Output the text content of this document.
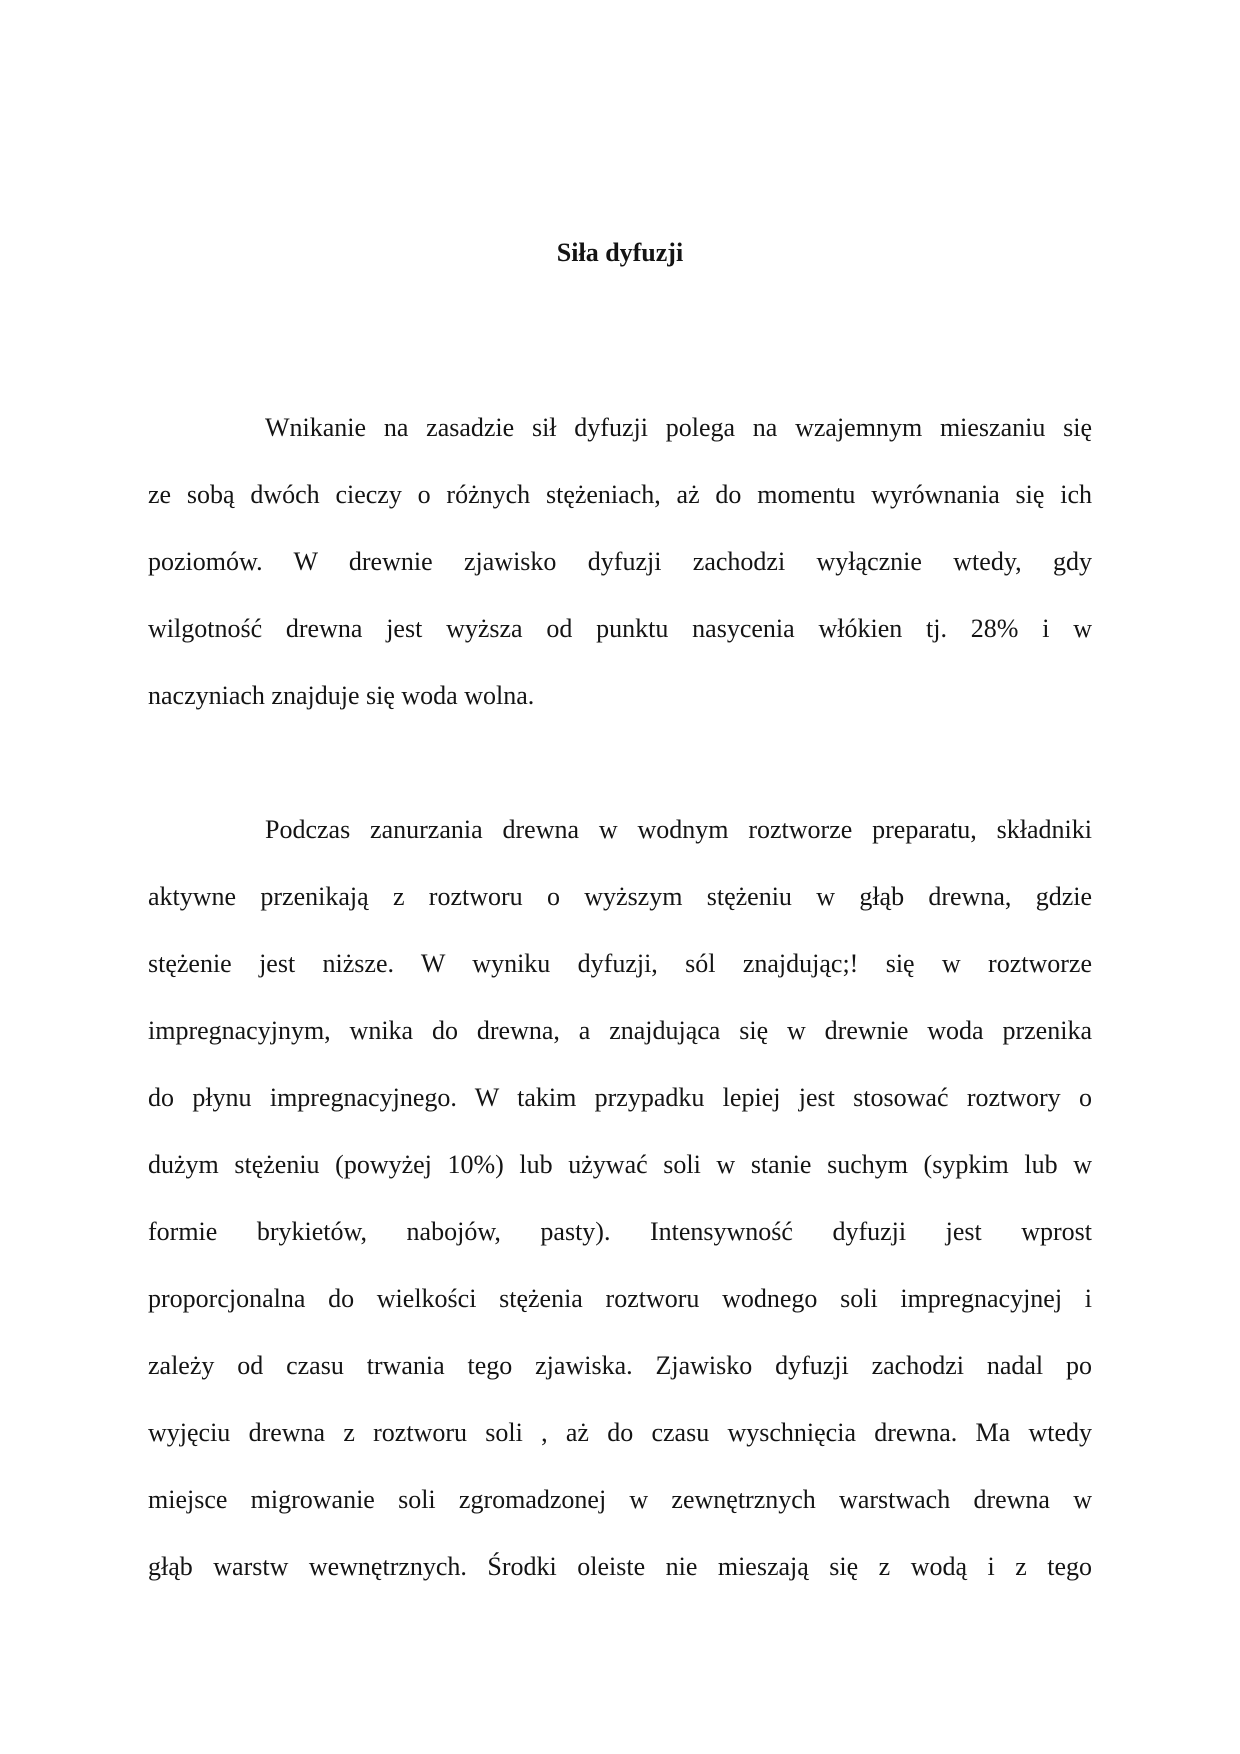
Siła dyfuzji

Wnikanie na zasadzie sił dyfuzji polega na wzajemnym mieszaniu się

ze sobą dwóch cieczy o różnych stężeniach, aż do momentu wyrównania się ich

poziomów. W drewnie zjawisko dyfuzji zachodzi wyłącznie wtedy, gdy

wilgotność drewna jest wyższa od punktu nasycenia włókien tj. 28% i w

naczyniach znajduje się woda wolna.

Podczas zanurzania drewna w wodnym roztworze preparatu, składniki

aktywne przenikają z roztworu o wyższym stężeniu w głąb drewna, gdzie

stężenie jest niższe. W wyniku dyfuzji, sól znajdując;! się w roztworze

impregnacyjnym, wnika do drewna, a znajdująca się w drewnie woda przenika

do płynu impregnacyjnego. W takim przypadku lepiej jest stosować roztwory o

dużym stężeniu (powyżej 10%) lub używać soli w stanie suchym (sypkim lub w

formie brykietów, nabojów, pasty). Intensywność dyfuzji jest wprost

proporcjonalna do wielkości stężenia roztworu wodnego soli impregnacyjnej i

zależy od czasu trwania tego zjawiska. Zjawisko dyfuzji zachodzi nadal po

wyjęciu drewna z roztworu soli , aż do czasu wyschnięcia drewna. Ma wtedy

miejsce migrowanie soli zgromadzonej w zewnętrznych warstwach drewna w

głąb warstw wewnętrznych. Środki oleiste nie mieszają się z wodą i z tego
